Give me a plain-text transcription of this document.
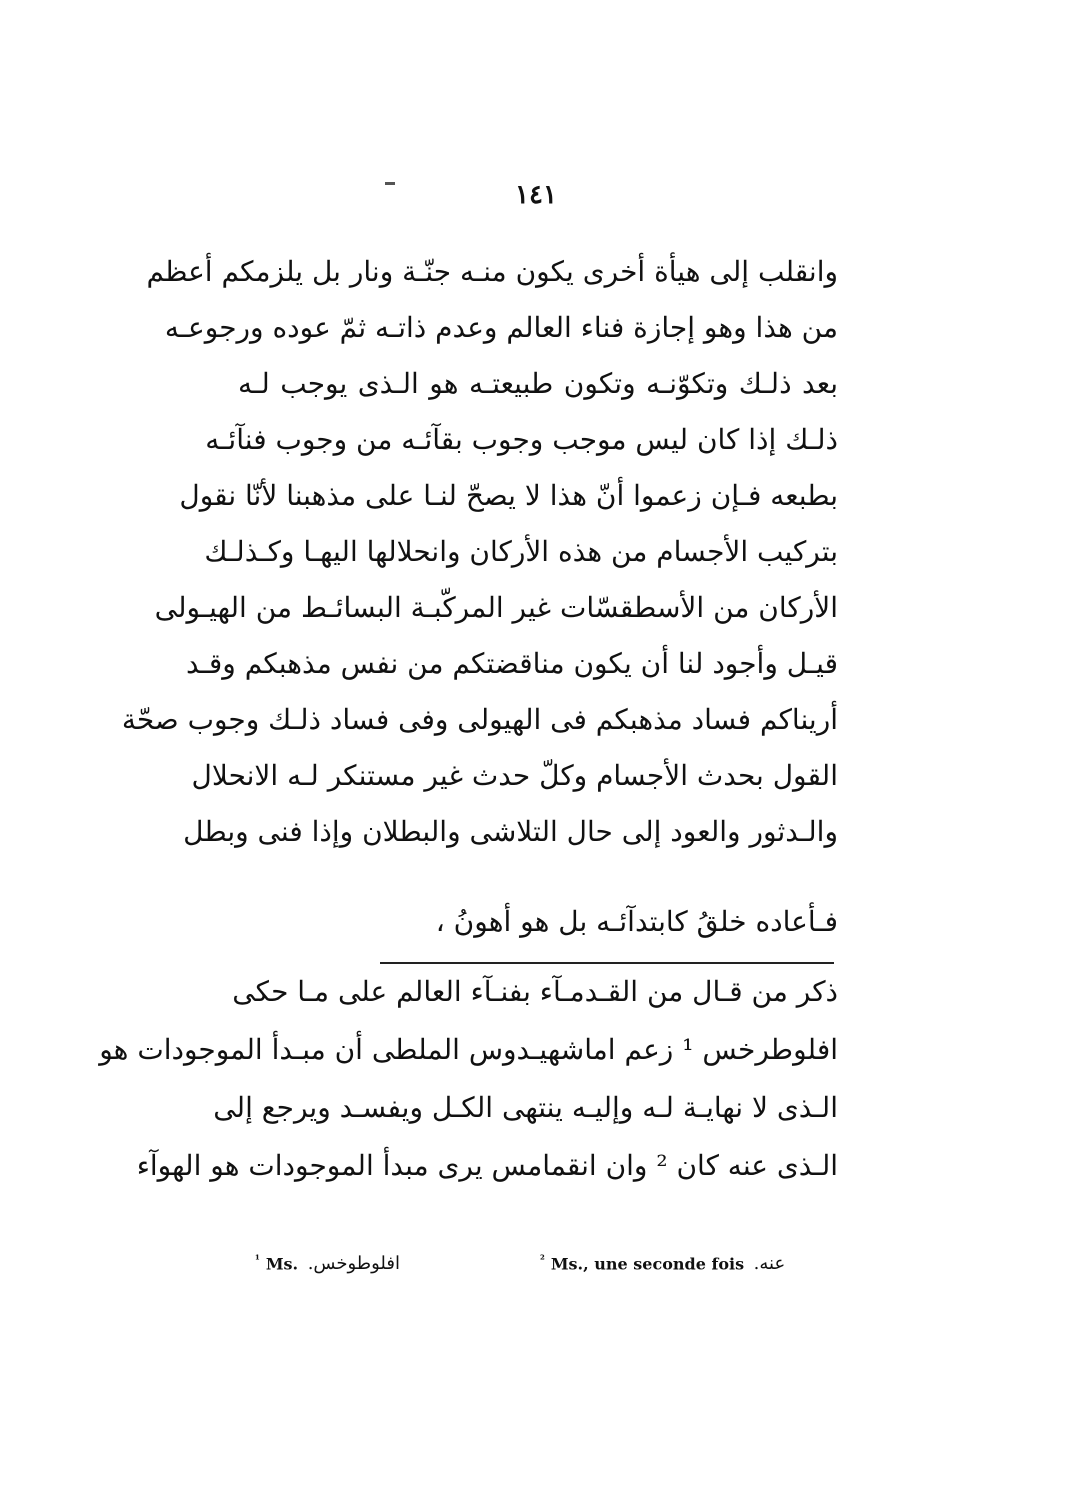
١٤١
وانقلب إلى هيأة أخرى يكون منـه جنّـة ونار بل يلزمكم أعظم
من هذا وهو إجازة فناء العالم وعدم ذاتـه ثمّ عوده ورجوعـه
بعد ذلـك وتكوّنـه وتكون طبيعتـه هو الـذى يوجب لـه
ذلـك إذا كان ليس موجب وجوب بقآئـه من وجوب فنآئـه
بطبعه فـإن زعموا أنّ هذا لا يصحّ لنـا على مذهبنا لأنّا نقول
بتركيب الأجسام من هذه الأركان وانحلالها اليهـا وكـذلـك
الأركان من الأسطقسّات غير المركّبـة البسائـط من الهيـولى
قيـل وأجود لنا أن يكون مناقضتكم من نفس مذهبكم وقـد
أريناكم فساد مذهبكم فى الهيولى وفى فساد ذلـك وجوب صحّة
القول بحدث الأجسام وكلّ حدث غير مستنكر لـه الانحلال
والـدثور والعود إلى حال التلاشى والبطلان وإذا فنى وبطل
فـأعاده خلقُ كابتدآئـه بل هو أهونُ ،
ذكر من قـال من القـدمـآء بفنـآء العالم على مـا حكى
افلوطرخس ¹ زعم اماشهيـدوس الملطى أن مبـدأ الموجودات هو
الـذى لا نهايـة لـه وإليـه ينتهى الكـل ويفسـد ويرجع إلى
الـذى عنه كان ² وان انقمامس يرى مبدأ الموجودات هو الهوآء
$^{^1}$ Ms. افلوطوخس.	$^{^2}$ Ms., une seconde fois عنه.
